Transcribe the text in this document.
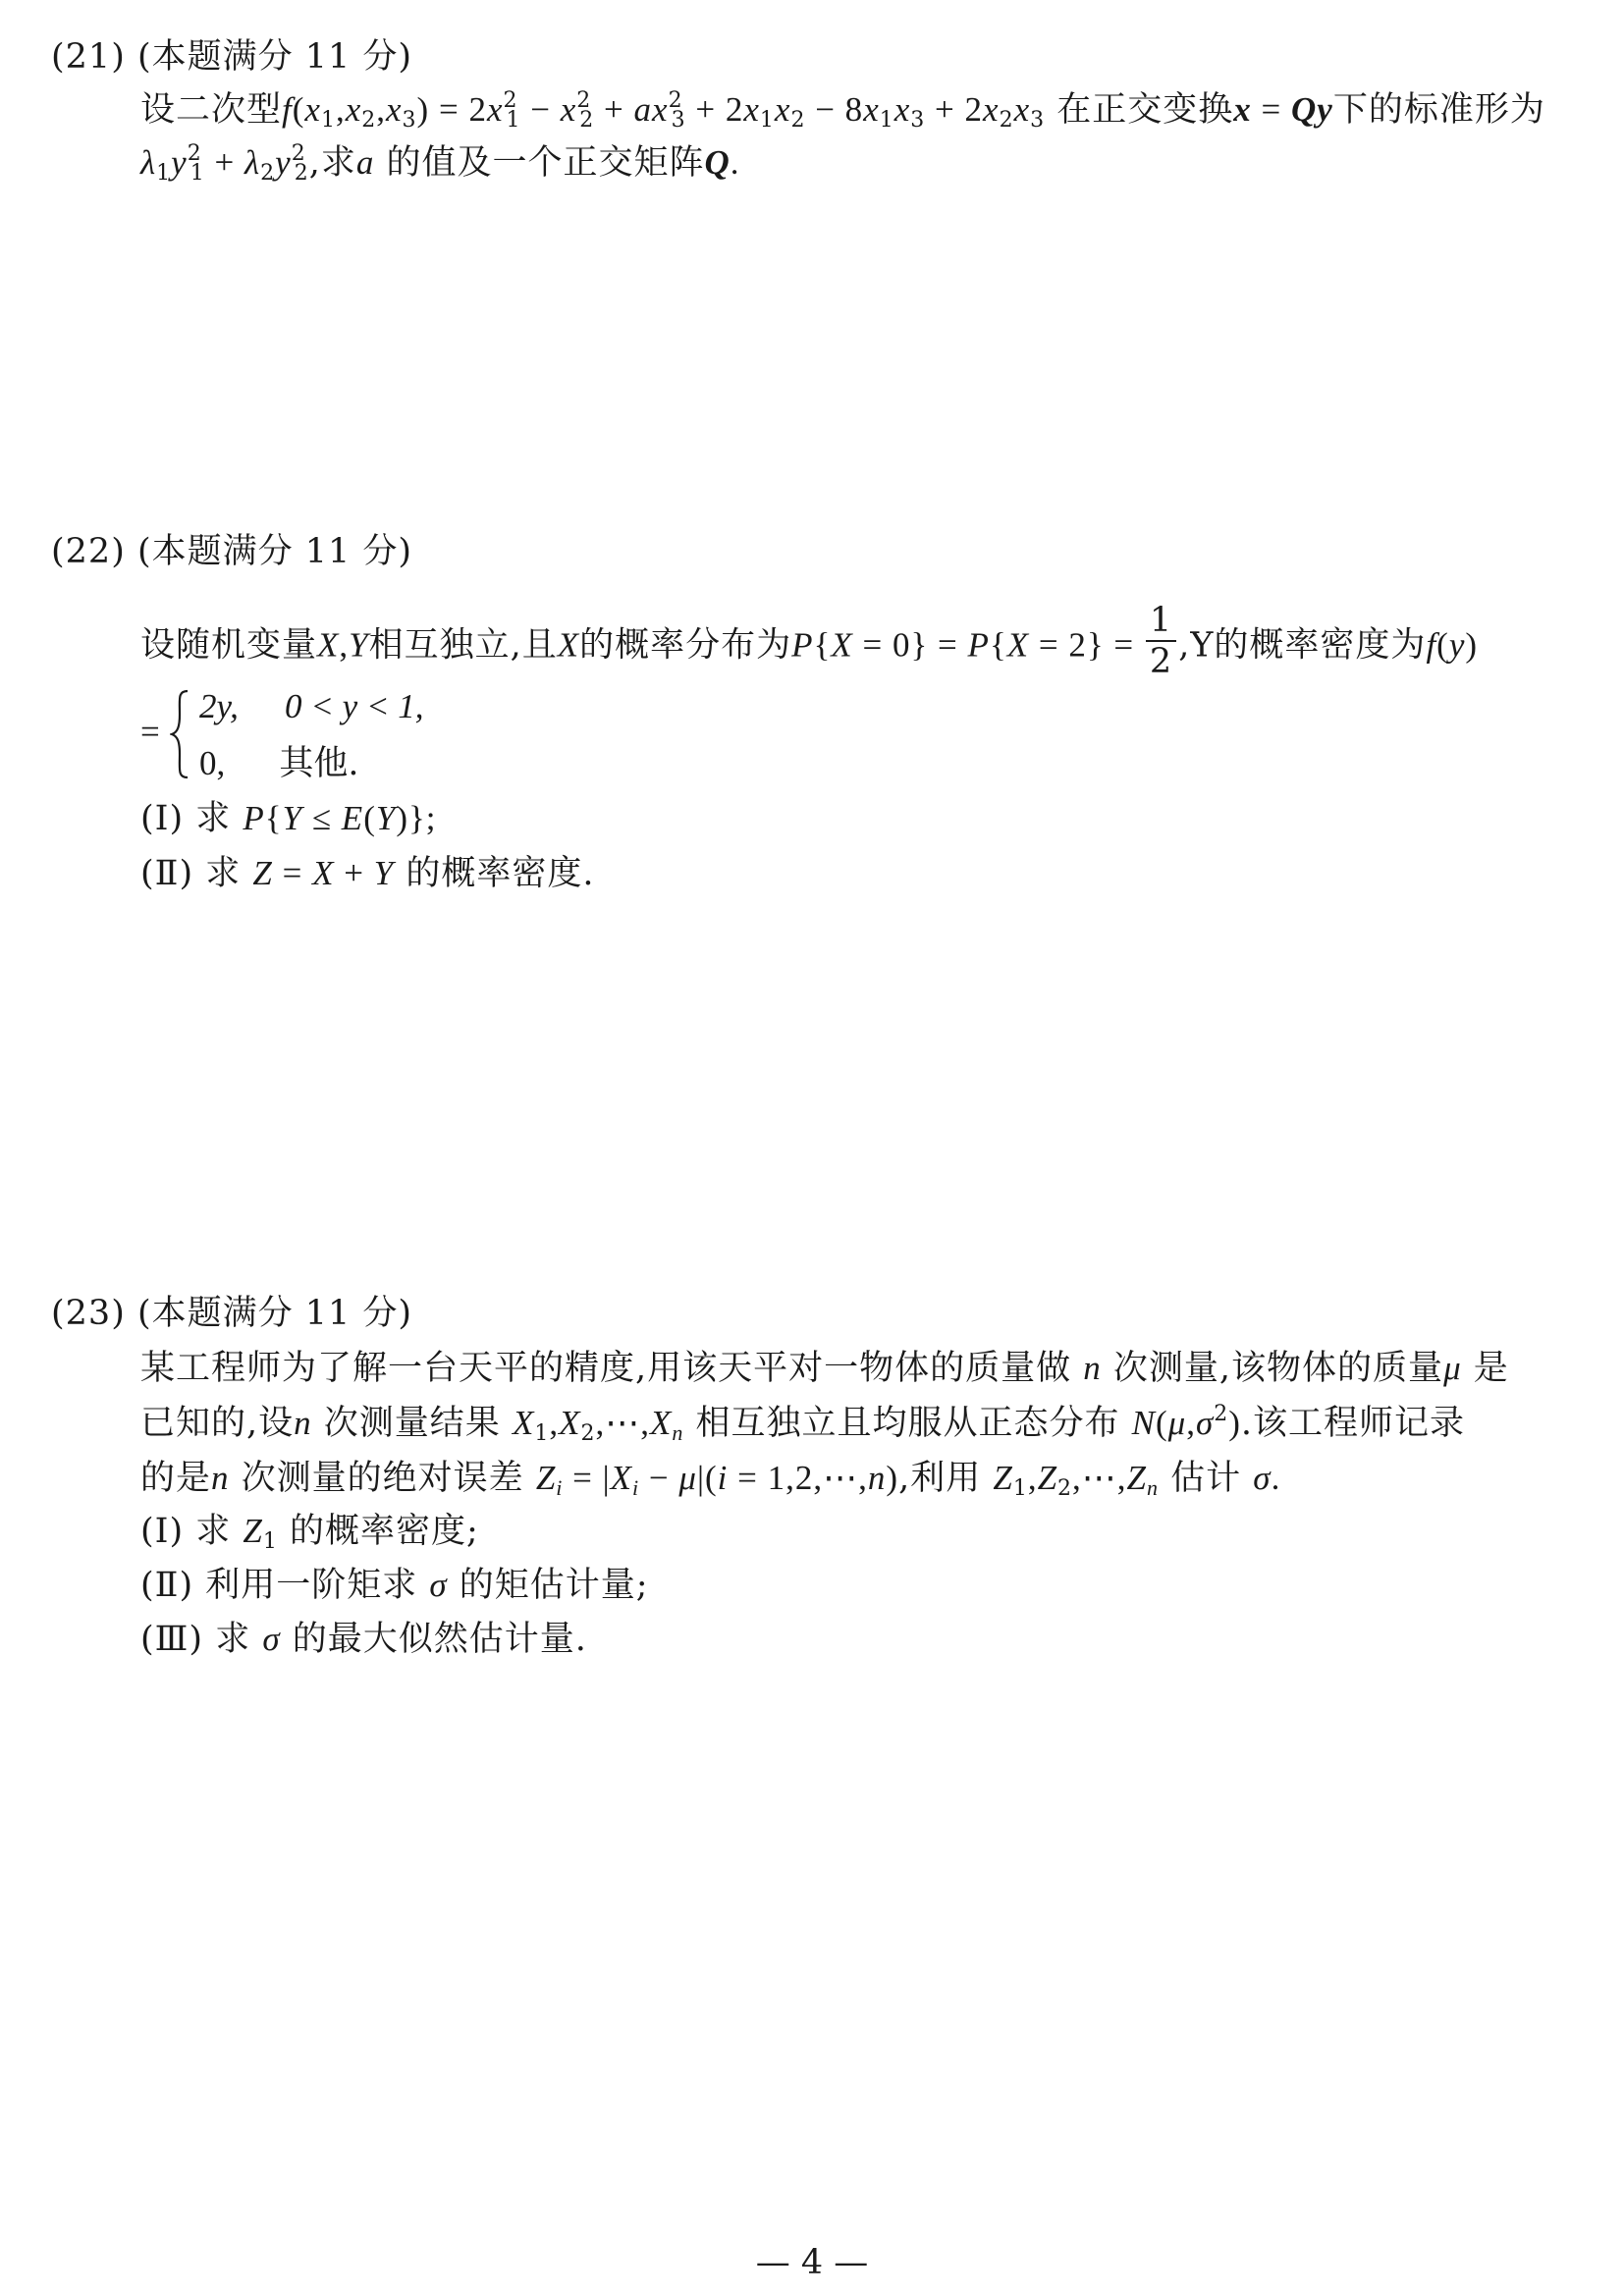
(21) (本题满分 11 分)
设二次型$f(x_1,x_2,x_3) = 2x^2_1 - x^2_2 + ax^2_3 + 2x_1x_2 - 8x_1x_3 + 2x_2x_3$ 在正交变换x = Qy下的标准形为
$\lambda_1y^2_1 + \lambda_2y^2_2$,求a 的值及一个正交矩阵Q.
(22) (本题满分 11 分)
设随机变量X,Y相互独立,且X的概率分布为$P\{X = 0\} = P\{X = 2\} = \frac{1}{2} ,Y$的概率密度为f(y)
=
2y, 0 < y < 1,
0, 其他.
(Ⅰ) 求 P{Y ≤ E(Y)};
(Ⅱ) 求 Z = X + Y 的概率密度.
(23) (本题满分 11 分)
某工程师为了解一台天平的精度,用该天平对一物体的质量做 n 次测量,该物体的质量μ 是
已知的,设n 次测量结果 $X_1,X_2,\cdots,X_n$ 相互独立且均服从正态分布 $N(\mu,\sigma^2)$.该工程师记录
的是n 次测量的绝对误差 $Z_i = |X_i - \mu|(i$ = 1,2,⋯,n),利用 $Z_1,Z_2,\cdots,Z_n$ 估计 σ.
(Ⅰ) 求 $Z_1$ 的概率密度;
(Ⅱ) 利用一阶矩求 σ 的矩估计量;
(Ⅲ) 求 σ 的最大似然估计量.
— 4 —
